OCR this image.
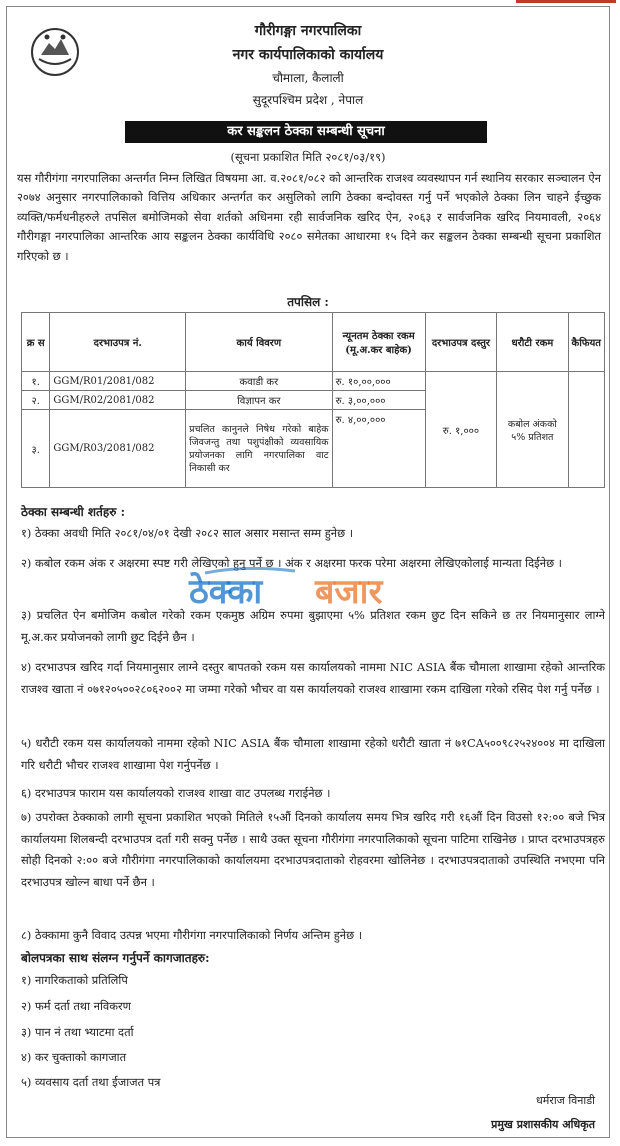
गौरीगङ्गा नगरपालिका
नगर कार्यपालिकाको कार्यालय
चौमाला, कैलाली
सुदूरपश्चिम प्रदेश , नेपाल
कर सङ्कलन ठेक्का सम्बन्धी सूचना
(सूचना प्रकाशित मिति २०८१/०३/१९)
यस गौरीगंगा नगरपालिका अन्तर्गत निम्न लिखित विषयमा आ. व.२०८१/०८२ को आन्तरिक राजश्व व्यवस्थापन गर्न स्थानिय सरकार सञ्चालन ऐन २०७४ अनुसार नगरपालिकाको वित्तिय अधिकार अन्तर्गत कर असुलिको लागि ठेक्का बन्दोवस्त गर्नु पर्ने भएकोले ठेक्का लिन चाहने ईच्छुक व्यक्ति/फर्मधनीहरुले तपसिल बमोजिमको सेवा शर्तको अधिनमा रही सार्वजनिक खरिद ऐन, २०६३ र सार्वजनिक खरिद नियमावली, २०६४ गौरीगङ्गा नगरपालिका आन्तरिक आय सङ्कलन ठेक्का कार्यविधि २०८० समेतका आधारमा १५ दिने कर सङ्कलन ठेक्का सम्बन्धी सूचना प्रकाशित गरिएको छ ।
तपसिल :
क्र स	दरभाउपत्र नं.	कार्य विवरण	न्यूनतम ठेक्का रकम (मू.अ.कर बाहेक)	दरभाउपत्र दस्तुर	धरौटी रकम	कैफियत
१.	GGM/R01/2081/082	कवाडी कर	रु. १०,००,०००	रु. १,०००	कबोल अंकको ५% प्रतिशत	
२.	GGM/R02/2081/082	विज्ञापन कर	रु. ३,००,०००			
३.	GGM/R03/2081/082	प्रचलित कानुनले निषेध गरेको बाहेक जिवजन्तु तथा पशुपंक्षीको व्यवसायिक प्रयोजनका लागि नगरपालिका वाट निकासी कर	रु. ४,००,०००			
ठेक्का सम्बन्धी शर्तहरु :
१) ठेक्का अवधी मिति २०८१/०४/०१ देखी २०८२ साल असार मसान्त सम्म हुनेछ ।
२) कबोल रकम अंक र अक्षरमा स्पष्ट गरी लेखिएको हुनु पर्ने छ । अंक र अक्षरमा फरक परेमा अक्षरमा लेखिएकोलाई मान्यता दिईनेछ ।
३) प्रचलित ऐन बमोजिम कबोल गरेको रकम एकमुष्ठ अग्रिम रुपमा बुझाएमा ५% प्रतिशत रकम छुट दिन सकिने छ तर नियमानुसार लाग्ने मू.अ.कर प्रयोजनको लागी छुट दिईने छैन ।
४) दरभाउपत्र खरिद गर्दा नियमानुसार लाग्ने दस्तुर बापतको रकम यस कार्यालयको नाममा NIC ASIA बैंक चौमाला शाखामा रहेको आन्तरिक राजश्व खाता नं ०७१२०५००२८०६२००२ मा जम्मा गरेको भौचर वा यस कार्यालयको राजश्व शाखामा रकम दाखिला गरेको रसिद पेश गर्नु पर्नेछ ।
५) धरौटी रकम यस कार्यालयको नाममा रहेको NIC ASIA बैंक चौमाला शाखामा रहेको धरौटी खाता नं ७१CA५००९८२५२४००४ मा दाखिला गरि धरौटी भौचर राजश्व शाखामा पेश गर्नुपर्नेछ ।
६) दरभाउपत्र फाराम यस कार्यालयको राजश्व शाखा वाट उपलब्ध गराईनेछ ।
७) उपरोक्त ठेक्काको लागी सूचना प्रकाशित भएको मितिले १५औं दिनको कार्यालय समय भित्र खरिद गरी १६औं दिन विउसो १२:०० बजे भित्र कार्यालयमा शिलबन्दी दरभाउपत्र दर्ता गरी सक्नु पर्नेछ । साथै उक्त सूचना गौरीगंगा नगरपालिकाको सूचना पाटिमा राखिनेछ । प्राप्त दरभाउपत्रहरु सोही दिनको २:०० बजे गौरीगंगा नगरपालिकाको कार्यालयमा दरभाउपत्रदाताको रोहवरमा खोलिनेछ । दरभाउपत्रदाताको उपस्थिति नभएमा पनि दरभाउपत्र खोल्न बाधा पर्ने छैन ।
८) ठेक्कामा कुनै विवाद उत्पन्न भएमा गौरीगंगा नगरपालिकाको निर्णय अन्तिम हुनेछ ।
बोलपत्रका साथ संलग्न गर्नुपर्ने कागजातहरु:
१) नागरिकताको प्रतिलिपि
२) फर्म दर्ता तथा नविकरण
३) पान नं तथा भ्याटमा दर्ता
४) कर चुक्ताको कागजात
५) व्यवसाय दर्ता तथा ईजाजत पत्र
धर्मराज विनाडी
प्रमुख प्रशासकीय अधिकृत
ठेक्का बजार
